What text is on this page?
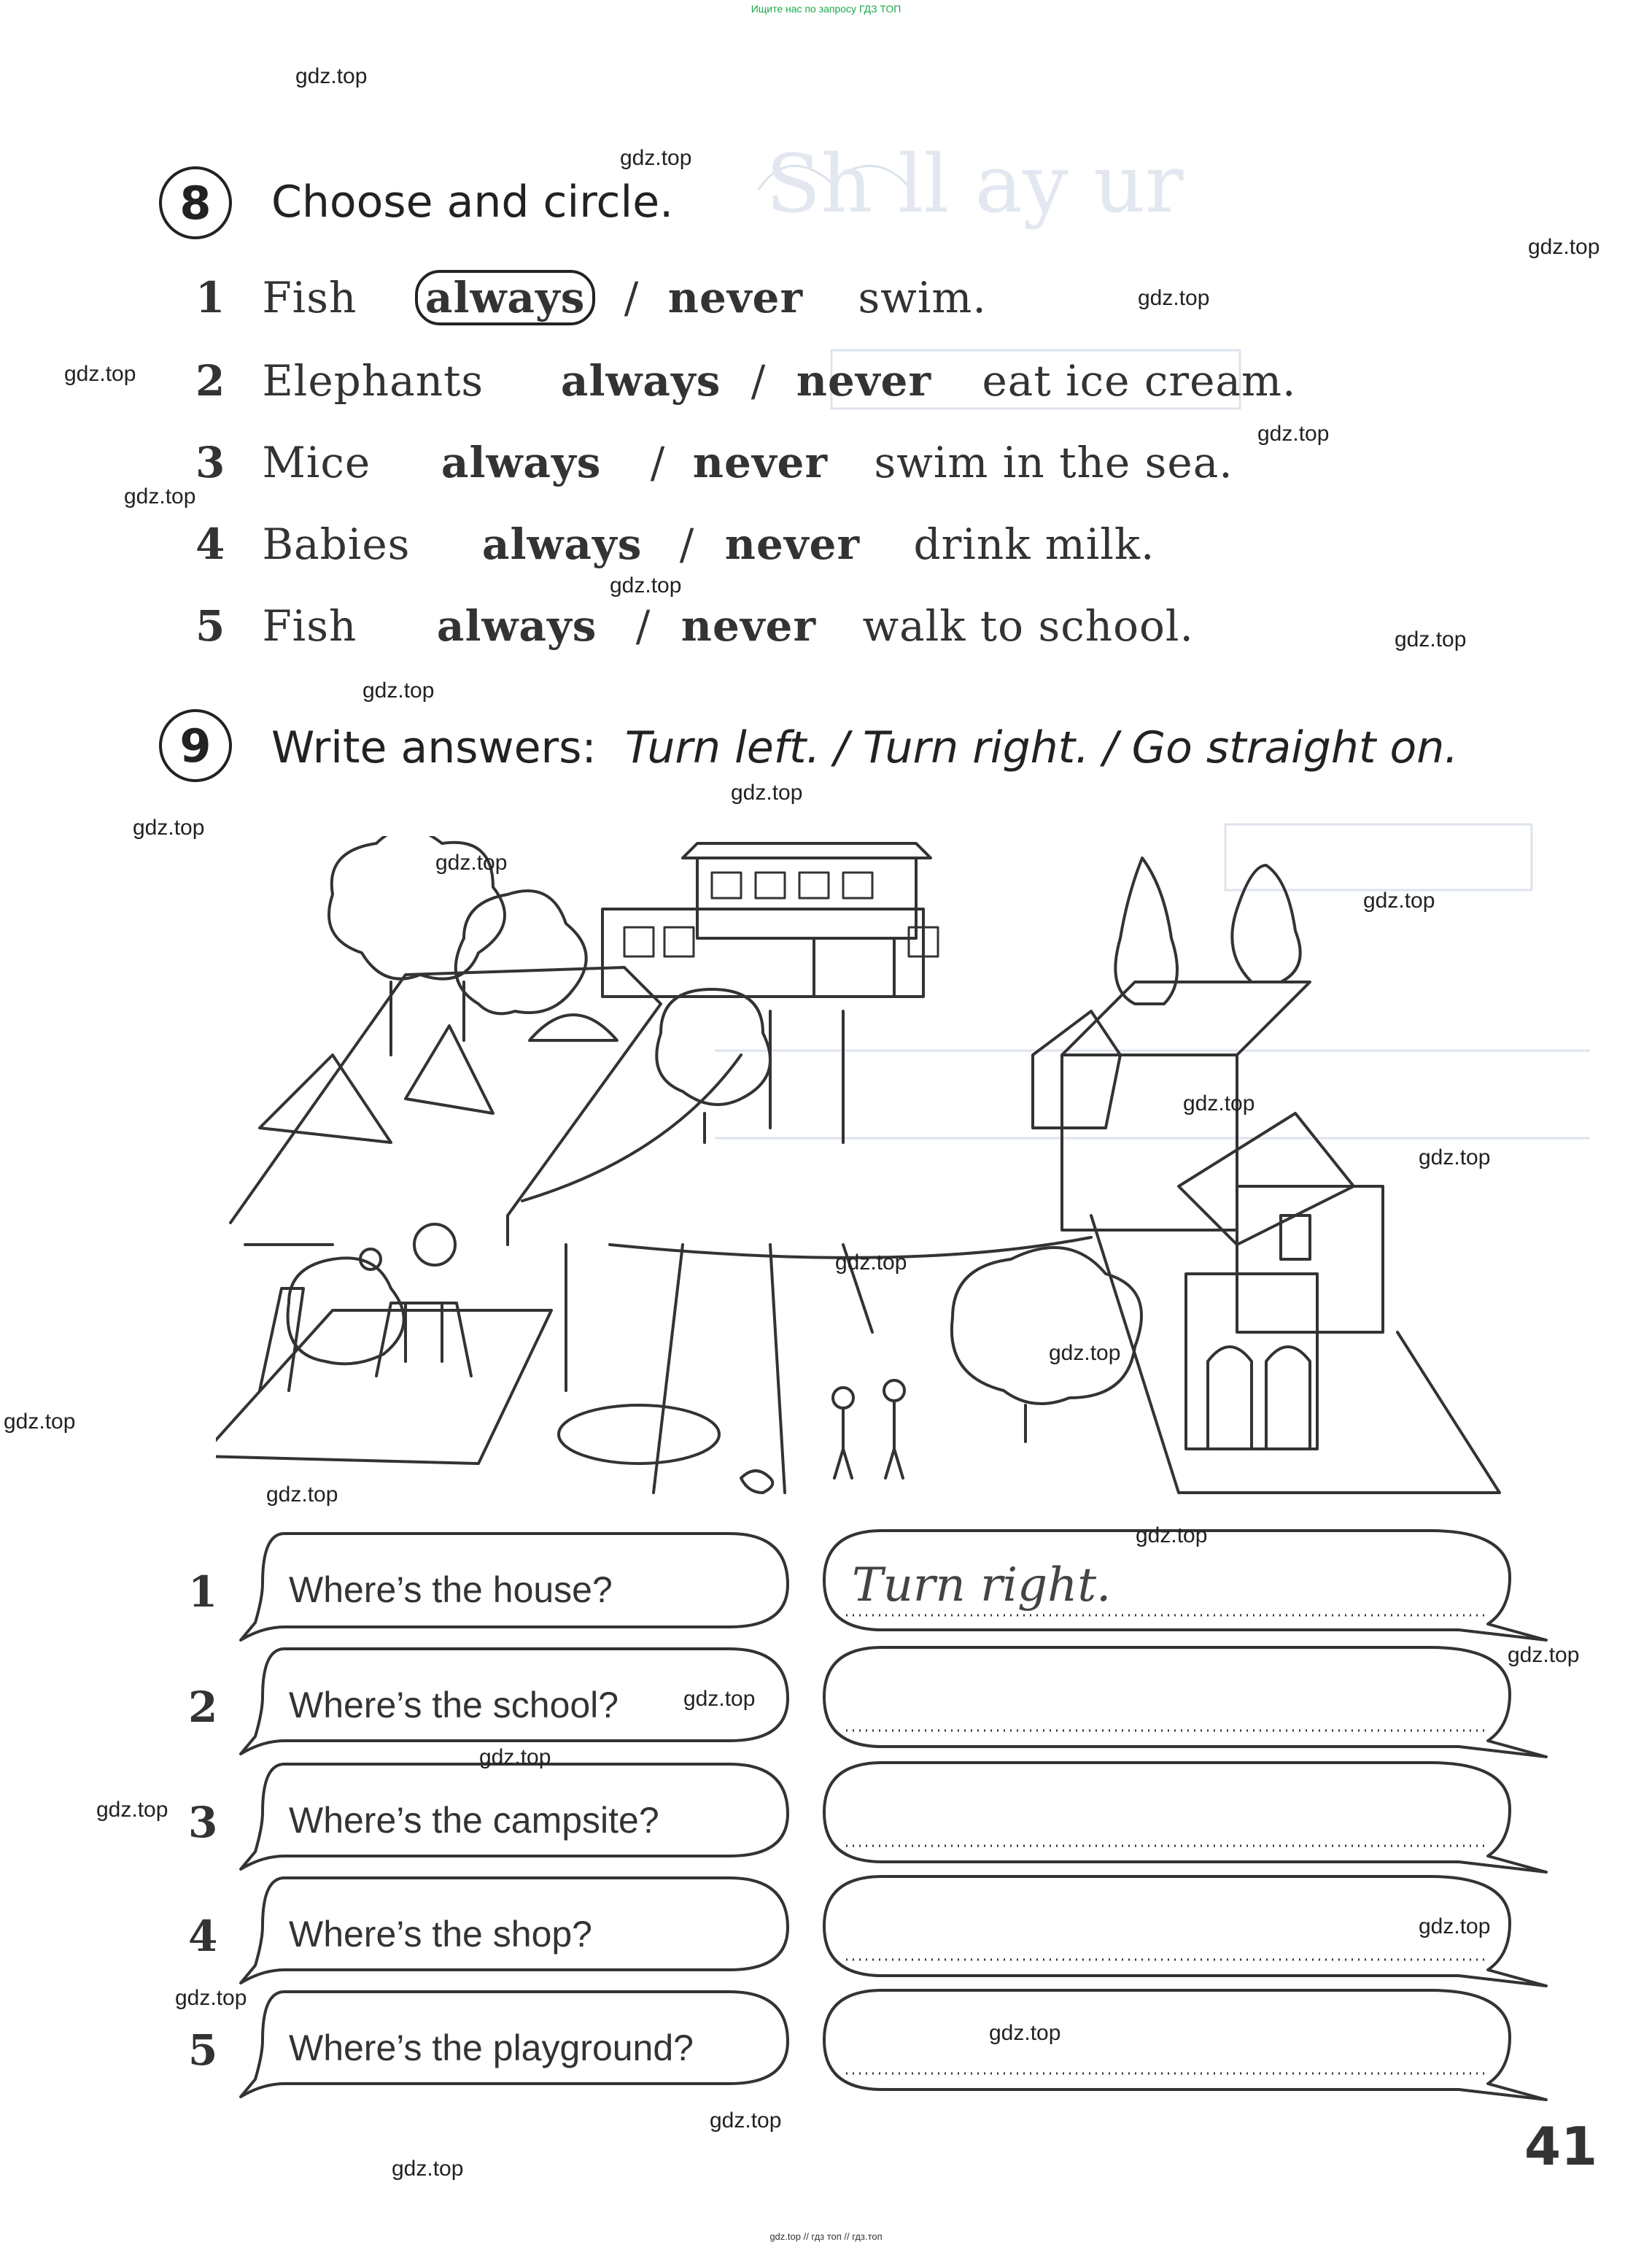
Ищите нас по запросу ГДЗ ТОП
gdz.top // гдз топ // гдз.топ
Sh ll ay ur
8	Choose and circle.
1 Fish always / never swim.
2 Elephants always / never eat ice cream.
3 Mice always / never swim in the sea.
4 Babies always / never drink milk.
5 Fish always / never walk to school.
9	Write answers: Turn left. / Turn right. / Go straight on.
1 Where’s the house?	Turn right.
2 Where’s the school?
3 Where’s the campsite?
4 Where’s the shop?
5 Where’s the playground?
41
gdz.top
gdz.top
gdz.top
gdz.top
gdz.top
gdz.top
gdz.top
gdz.top
gdz.top
gdz.top
gdz.top
gdz.top
gdz.top
gdz.top
gdz.top
gdz.top
gdz.top
gdz.top
gdz.top
gdz.top
gdz.top
gdz.top
gdz.top
gdz.top
gdz.top
gdz.top
gdz.top
gdz.top
gdz.top
gdz.top
